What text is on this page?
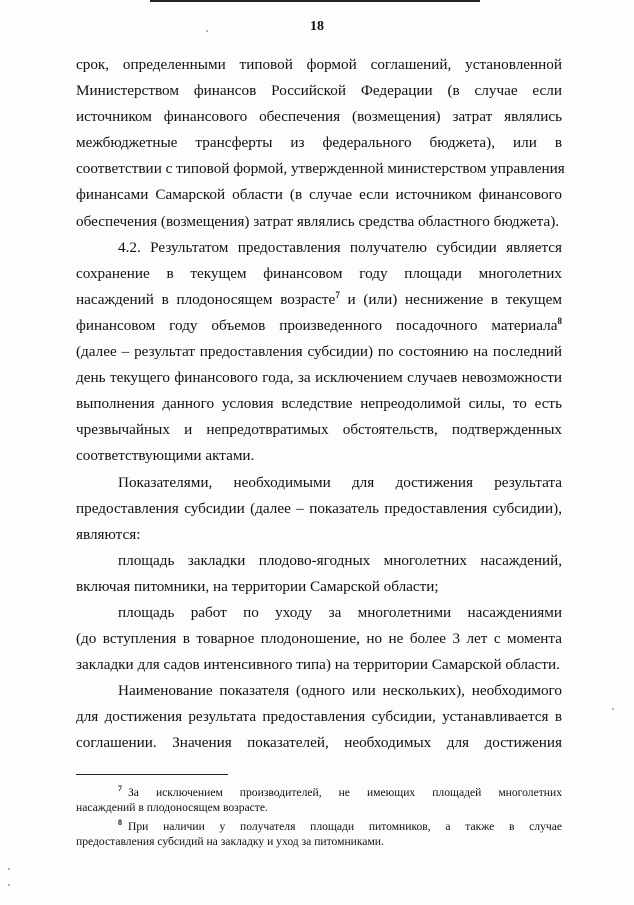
18

срок, определенными типовой формой соглашений, установленной
Министерством финансов Российской Федерации (в случае если
источником финансового обеспечения (возмещения) затрат являлись
межбюджетные трансферты из федерального бюджета), или в
соответствии с типовой формой, утвержденной министерством управления
финансами Самарской области (в случае если источником финансового
обеспечения (возмещения) затрат являлись средства областного бюджета).

4.2. Результатом предоставления получателю субсидии является
сохранение в текущем финансовом году площади многолетних
насаждений в плодоносящем возрасте$^7$ и (или) неснижение в текущем
финансовом году объемов произведенного посадочного материала$^8$
(далее – результат предоставления субсидии) по состоянию на последний
день текущего финансового года, за исключением случаев невозможности
выполнения данного условия вследствие непреодолимой силы, то есть
чрезвычайных и непредотвратимых обстоятельств, подтвержденных
соответствующими актами.

Показателями, необходимыми для достижения результата
предоставления субсидии (далее – показатель предоставления субсидии),
являются:

площадь закладки плодово-ягодных многолетних насаждений,
включая питомники, на территории Самарской области;

площадь работ по уходу за многолетними насаждениями
(до вступления в товарное плодоношение, но не более 3 лет с момента
закладки для садов интенсивного типа) на территории Самарской области.

Наименование показателя (одного или нескольких), необходимого
для достижения результата предоставления субсидии, устанавливается в
соглашении. Значения показателей, необходимых для достижения

$^7$ За исключением производителей, не имеющих площадей многолетних
насаждений в плодоносящем возрасте.
$^8$ При наличии у получателя площади питомников, а также в случае
предоставления субсидий на закладку и уход за питомниками.
